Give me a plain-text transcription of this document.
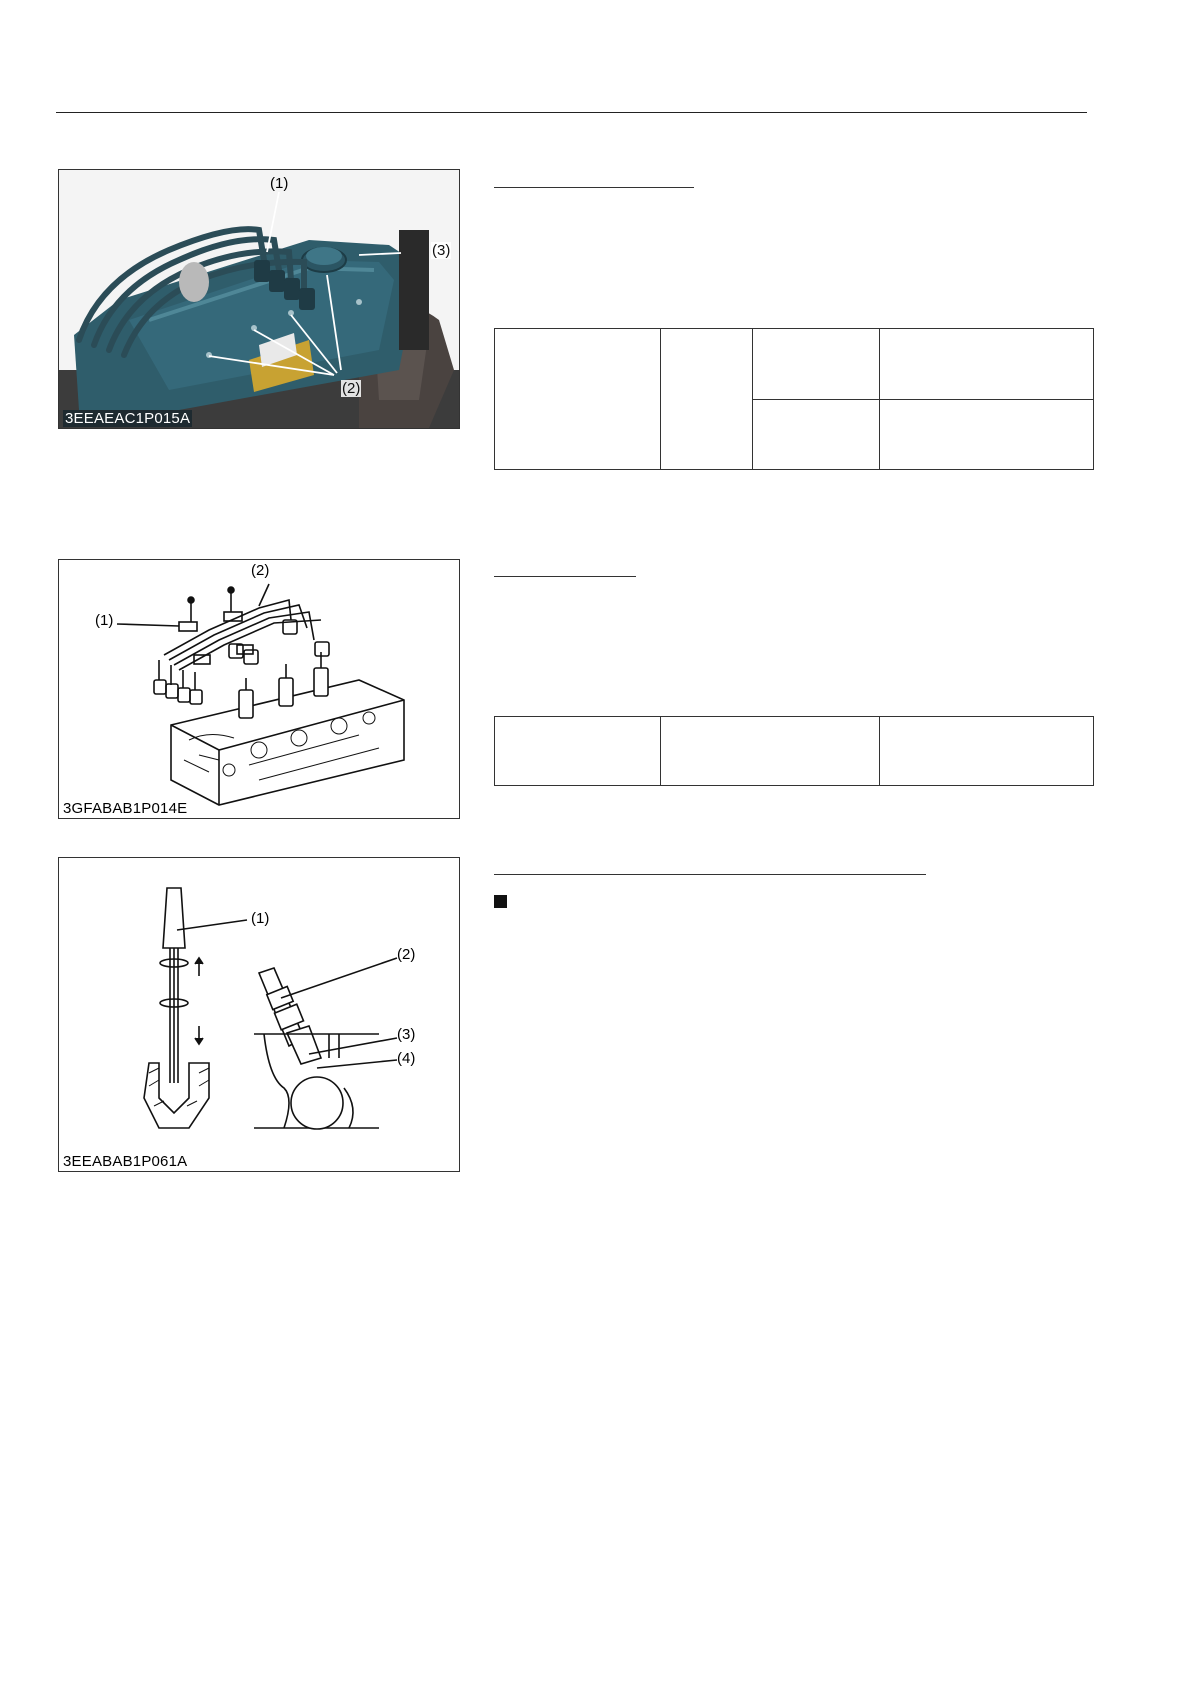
(1)
(3)
(2)
3EEAEAC1P015A

(1)
(2)
3GFABAB1P014E

(1)
(2)
(3)
(4)
3EEABAB1P061A
